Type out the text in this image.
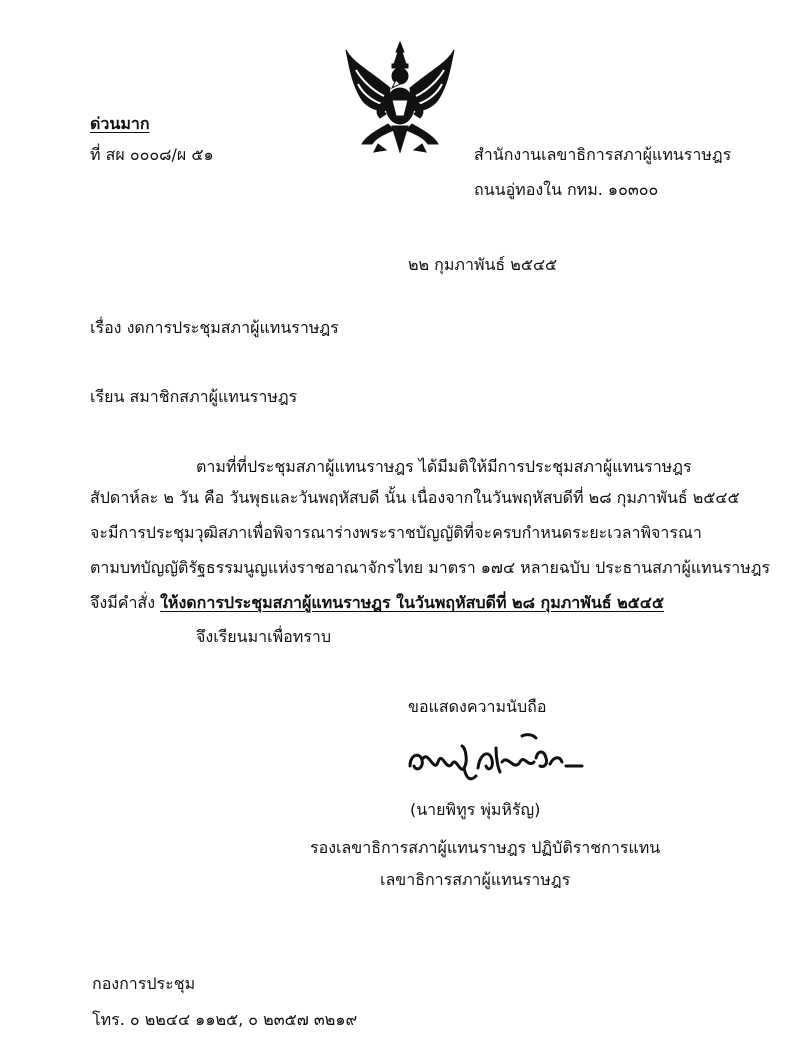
ด่วนมาก
ที่ สผ ๐๐๐๘/ผ ๕๑	สำนักงานเลขาธิการสภาผู้แทนราษฎร
ถนนอู่ทองใน กทม. ๑๐๓๐๐
๒๒ กุมภาพันธ์ ๒๕๔๕
เรื่อง งดการประชุมสภาผู้แทนราษฎร
เรียน สมาชิกสภาผู้แทนราษฎร
ตามที่ที่ประชุมสภาผู้แทนราษฎร ได้มีมติให้มีการประชุมสภาผู้แทนราษฎร
สัปดาห์ละ ๒ วัน คือ วันพุธและวันพฤหัสบดี นั้น เนื่องจากในวันพฤหัสบดีที่ ๒๘ กุมภาพันธ์ ๒๕๔๕
จะมีการประชุมวุฒิสภาเพื่อพิจารณาร่างพระราชบัญญัติที่จะครบกำหนดระยะเวลาพิจารณา
ตามบทบัญญัติรัฐธรรมนูญแห่งราชอาณาจักรไทย มาตรา ๑๗๔ หลายฉบับ ประธานสภาผู้แทนราษฎร
จึงมีคำสั่ง ให้งดการประชุมสภาผู้แทนราษฎร ในวันพฤหัสบดีที่ ๒๘ กุมภาพันธ์ ๒๕๔๕
จึงเรียนมาเพื่อทราบ
ขอแสดงความนับถือ
(นายพิทูร พุ่มหิรัญ)
รองเลขาธิการสภาผู้แทนราษฎร ปฏิบัติราชการแทน
เลขาธิการสภาผู้แทนราษฎร
กองการประชุม
โทร. ๐ ๒๒๔๔ ๑๑๒๕, ๐ ๒๓๕๗ ๓๒๑๙
